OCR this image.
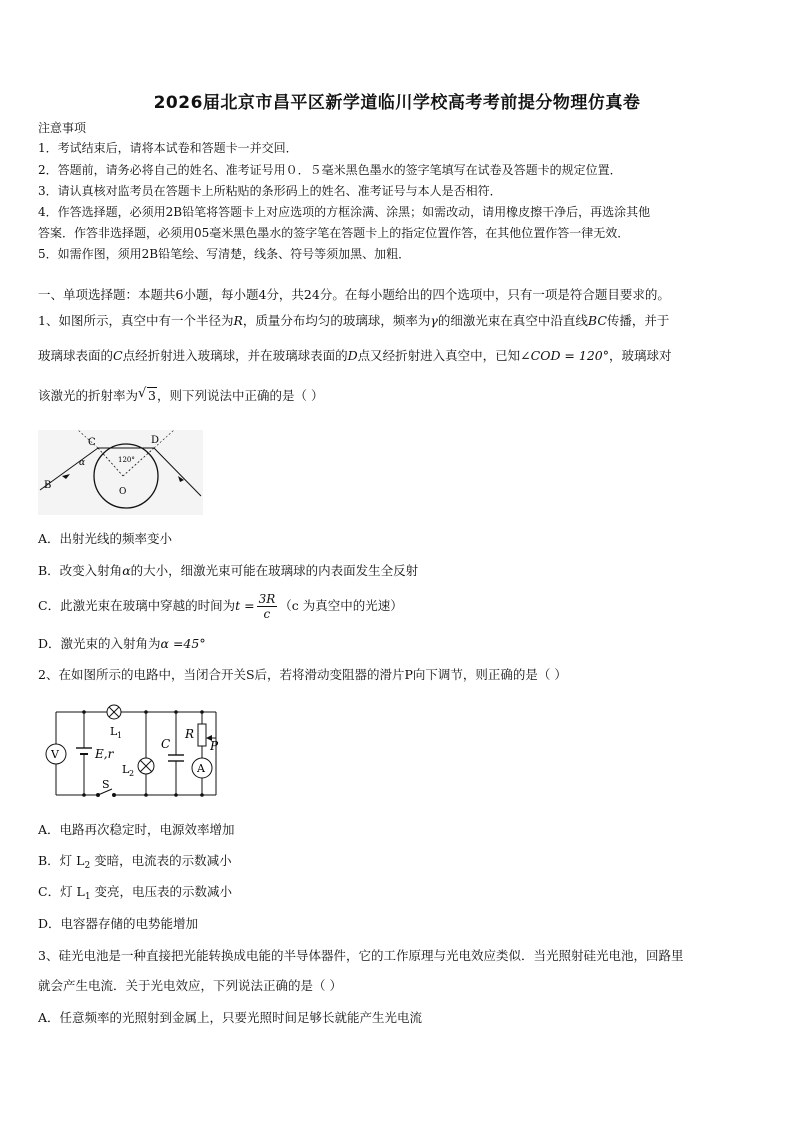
2026届北京市昌平区新学道临川学校高考考前提分物理仿真卷
注意事项
1．考试结束后，请将本试卷和答题卡一并交回．
2．答题前，请务必将自己的姓名、准考证号用０．５毫米黑色墨水的签字笔填写在试卷及答题卡的规定位置．
3．请认真核对监考员在答题卡上所粘贴的条形码上的姓名、准考证号与本人是否相符．
4．作答选择题，必须用2B铅笔将答题卡上对应选项的方框涂满、涂黑；如需改动，请用橡皮擦干净后，再选涂其他
答案．作答非选择题，必须用05毫米黑色墨水的签字笔在答题卡上的指定位置作答，在其他位置作答一律无效．
5．如需作图，须用2B铅笔绘、写清楚，线条、符号等须加黑、加粗．
一、单项选择题：本题共6小题，每小题4分，共24分。在每小题给出的四个选项中，只有一项是符合题目要求的。
1、如图所示，真空中有一个半径为R，质量分布均匀的玻璃球，频率为γ的细激光束在真空中沿直线BC传播，并于
玻璃球表面的C点经折射进入玻璃球，并在玻璃球表面的D点又经折射进入真空中，已知∠COD = 120°，玻璃球对
该激光的折射率为 √ 3，则下列说法中正确的是（ ）
B
C	D
O
α	120°
A．出射光线的频率变小
B．改变入射角α的大小，细激光束可能在玻璃球的内表面发生全反射
C．此激光束在玻璃中穿越的时间为$t = \frac{3R}{c} (c$ 为真空中的光速）
D．激光束的入射角为α =45°
2、在如图所示的电路中，当闭合开关S后，若将滑动变阻器的滑片P向下调节，则正确的是（ ）
V
A
L 1
L 2
E,r
S
C
R
P
A．电路再次稳定时，电源效率增加
B．灯 $L_2$ 变暗，电流表的示数减小
C．灯 $L_1$ 变亮，电压表的示数减小
D．电容器存储的电势能增加
3、硅光电池是一种直接把光能转换成电能的半导体器件，它的工作原理与光电效应类似．当光照射硅光电池，回路里
就会产生电流．关于光电效应，下列说法正确的是（ ）
A．任意频率的光照射到金属上，只要光照时间足够长就能产生光电流
